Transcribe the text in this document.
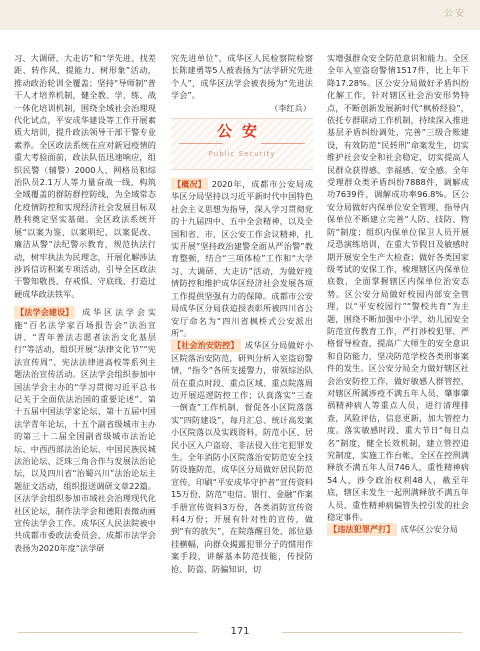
公安

习、大调研、大走访”和“学先进、找差距、转作风、提能力、树形象”活动，推动政治轮训全覆盖；坚持“导师制”普干人才培养机制，健全教、学、练、战一体化培训机制，围绕全域社会治理现代化试点，平安成华建设等工作开展素质大培训，提升政法领导干部干警专业素养。全区政法系统在应对新冠疫情的重大考验面前，政法队伍迅速响应，组织民警（辅警）2000人、网格员和综治队员2.1万人等力量奋战一线，构筑全域覆盖的群防群控防线，为全域常态化疫情防控和实现经济社会发展目标双胜利奠定坚实基础。全区政法系统开展“以案为鉴、以案明纪、以案促改、廉洁从警”法纪警示教育，规范执法行动，树牢执法为民理念，开展化解涉法涉诉信访积案专项活动，引导全区政法干警知敬畏、存戒惧、守底线，打造过硬成华政法铁军。

【法学会建设】 成华区法学会实施“百名法学家百场报告会”法治宣讲、“青年普法志愿者法治文化基层行”等活动，组织开展“法律文化节”“宪法宣传周”、宪法法律进高校等系列主题法治宣传活动。区法学会组织参加中国法学会主办的“学习贯彻习近平总书记关于全面依法治国的重要论述”、第十五届中国法学家论坛、第十五届中国法学青年论坛，十五个副省级城市主办的第三十二届全国副省级城市法治论坛、中西西部法治论坛、中国民族民城法治论坛、泛珠三角合作与发展法治论坛，以及四川省“治蜀兴川”法治论坛主题征文活动，组织报送调研文章22篇。区法学会组织参加市域社会治理现代化社区论坛，制作法学会和德阳表微动画宣传法学会工作。成华区人民法院被中共成都市委政法委员会、成都市法学会表扬为2020年度“法学研

究先进单位”，成华区人民检察院检察长陈建勇等5人被表扬为“法学研究先进个人”，成华区法学会被表扬为“先进法学会”。

（李红兵）

公安
Public Security

【概况】 2020年，成都市公安局成华区分局坚持以习近平新时代中国特色社会主义思想为指导，深入学习贯彻党的十九届四中、五中全会精神，以及全国和省、市、区公安工作会议精神，扎实开展“坚持政治建警全面从严治警”教育整顿，结合“三项体检”工作和“大学习、大调研、大走访”活动，为做好疫情防控和维护成华区经济社会发展各项工作提供坚强有力的保障。成都市公安局成华区分局获追授表彰所被四川省公安厅命名为“四川省枫桥式公安派出所”。

【社会治安防控】 成华区分局做好小区院落治安防范，研判分析入室盗窃警情，“指令”各所支援警力，带领综治队员在重点时段、重点区域、重点院落周边开展巡逻防控工作；认真落实“三查一倒查”工作机制，督促各小区院落落实“四防建设”，每月汇总、统计高发案小区院落以及实践资料，防范小区、居民小区入户盗窃、非法侵入住宅犯罪发生。全年消防小区院落治安防范安全技防设施防范，成华区分局做好居民防范宣传，印刷“平安成华守护者”宣传资料15万份，防范“电信、银行、金融”作案手册宣传资料3万份，各类消防宣传资料4万份；开展有针对性的宣传，做到“有的放矢”，在院落醒目处、部位悬挂横幅，向群众揭露犯罪分子的惯用作案手段，讲解基本防范技能，传授防抢、防盗、防骗知识，切

实增强群众安全防范意识和能力。全区全年入室盗窃警情1517件，比上年下降17.28%。区公安分局做好矛盾纠纷化解工作，针对辖区社会治安形势特点，不断创新发展新时代“枫桥经验”，依托专群联动工作机制，持续深入推进基层矛盾纠纷调处，完善“三级合账建设，有效防范“民转刑”命案发生，切实维护社会安全和社会稳定，切实提高人民群众获得感、幸福感、安全感。全年受理群众类矛盾纠纷7888件，调解成功7639件，调解成功率96.8%。区公安分局做好内保单位安全管理，指导内保单位不断建立完善“人防、技防、物防”制度；组织内保单位保卫人员开展反恐演练培训，在重大节假日及敏感时期开展安全生产大检查；做好各类国家级考试的安保工作，梳理辖区内保单位底数，全面掌握辖区内保单位治安态势。区公安分局做好校园内部安全管理，以“平安校园行”“警校共育”为主题，围绕不断加强中小学、幼儿园安全防范宣传教育工作，严打涉校犯罪、严格督导检查，提高广大师生的安全意识和自防能力，坚决防范学校各类刑事案件的发生。区公安分局全力做好辖区社会治安防控工作，做好敏感人群管控，对辖区所属涉疫不满五年人员、肇事肇祸精神病人等重点人员，进行清理排查，风险评估，信息更新，加大管控力度。落实敏感时段、重大节日“每日点名”制度，健全长效机制，建立管控追究制度，实施工作台帐，全区在控刑满释放不满五年人员746人，重性精神病54人，涉令政治权利48人，截至年底，辖区未发生一起刑满释放不满五年人员、重性精神病偏管失控引发的社会稳定事件。

【违法犯罪严打】 成华区公安分局

171
